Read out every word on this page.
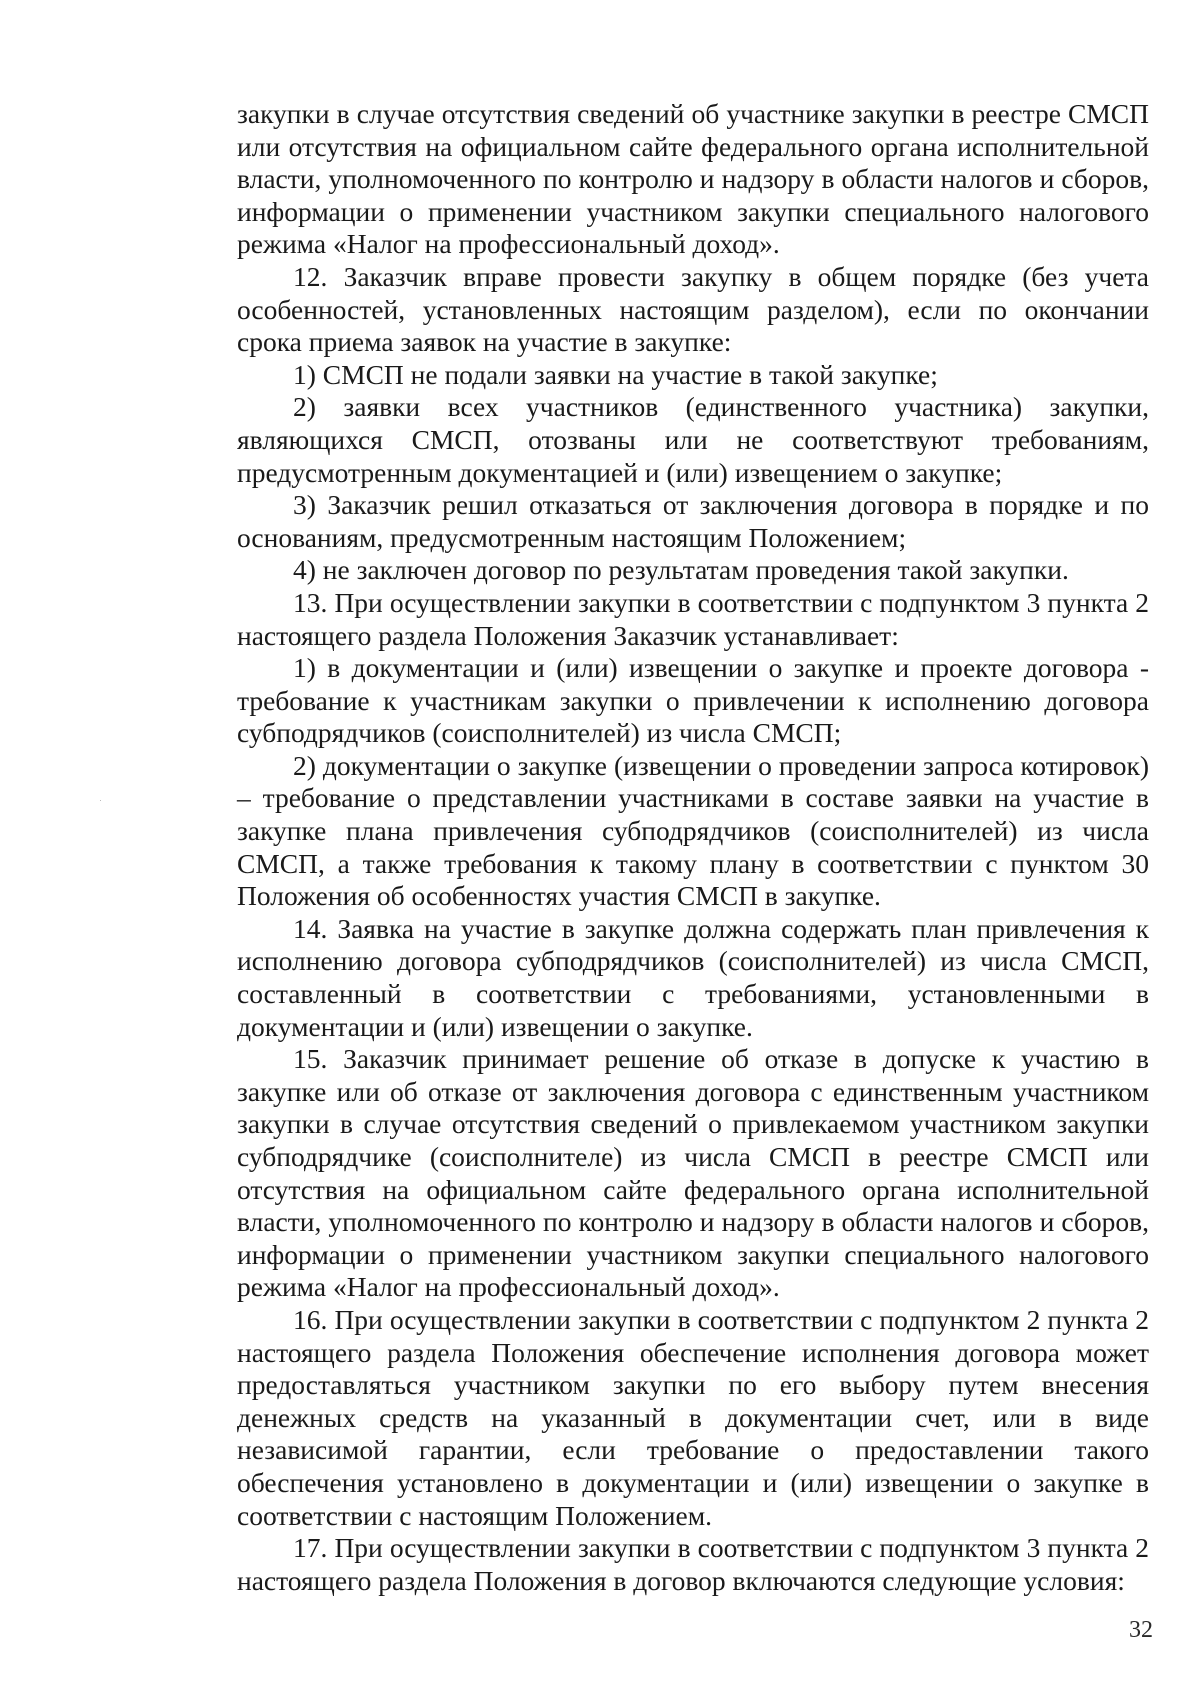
закупки в случае отсутствия сведений об участнике закупки в реестре СМСП или отсутствия на официальном сайте федерального органа исполнительной власти, уполномоченного по контролю и надзору в области налогов и сборов, информации о применении участником закупки специального налогового режима «Налог на профессиональный доход».

12. Заказчик вправе провести закупку в общем порядке (без учета особенностей, установленных настоящим разделом), если по окончании срока приема заявок на участие в закупке:

1) СМСП не подали заявки на участие в такой закупке;

2) заявки всех участников (единственного участника) закупки, являющихся СМСП, отозваны или не соответствуют требованиям, предусмотренным документацией и (или) извещением о закупке;

3) Заказчик решил отказаться от заключения договора в порядке и по основаниям, предусмотренным настоящим Положением;

4) не заключен договор по результатам проведения такой закупки.

13. При осуществлении закупки в соответствии с подпунктом 3 пункта 2 настоящего раздела Положения Заказчик устанавливает:

1) в документации и (или) извещении о закупке и проекте договора - требование к участникам закупки о привлечении к исполнению договора субподрядчиков (соисполнителей) из числа СМСП;

2) документации о закупке (извещении о проведении запроса котировок) – требование о представлении участниками в составе заявки на участие в закупке плана привлечения субподрядчиков (соисполнителей) из числа СМСП, а также требования к такому плану в соответствии с пунктом 30 Положения об особенностях участия СМСП в закупке.

14. Заявка на участие в закупке должна содержать план привлечения к исполнению договора субподрядчиков (соисполнителей) из числа СМСП, составленный в соответствии с требованиями, установленными в документации и (или) извещении о закупке.

15. Заказчик принимает решение об отказе в допуске к участию в закупке или об отказе от заключения договора с единственным участником закупки в случае отсутствия сведений о привлекаемом участником закупки субподрядчике (соисполнителе) из числа СМСП в реестре СМСП или отсутствия на официальном сайте федерального органа исполнительной власти, уполномоченного по контролю и надзору в области налогов и сборов, информации о применении участником закупки специального налогового режима «Налог на профессиональный доход».

16. При осуществлении закупки в соответствии с подпунктом 2 пункта 2 настоящего раздела Положения обеспечение исполнения договора может предоставляться участником закупки по его выбору путем внесения денежных средств на указанный в документации счет, или в виде независимой гарантии, если требование о предоставлении такого обеспечения установлено в документации и (или) извещении о закупке в соответствии с настоящим Положением.

17. При осуществлении закупки в соответствии с подпунктом 3 пункта 2 настоящего раздела Положения в договор включаются следующие условия:

32
